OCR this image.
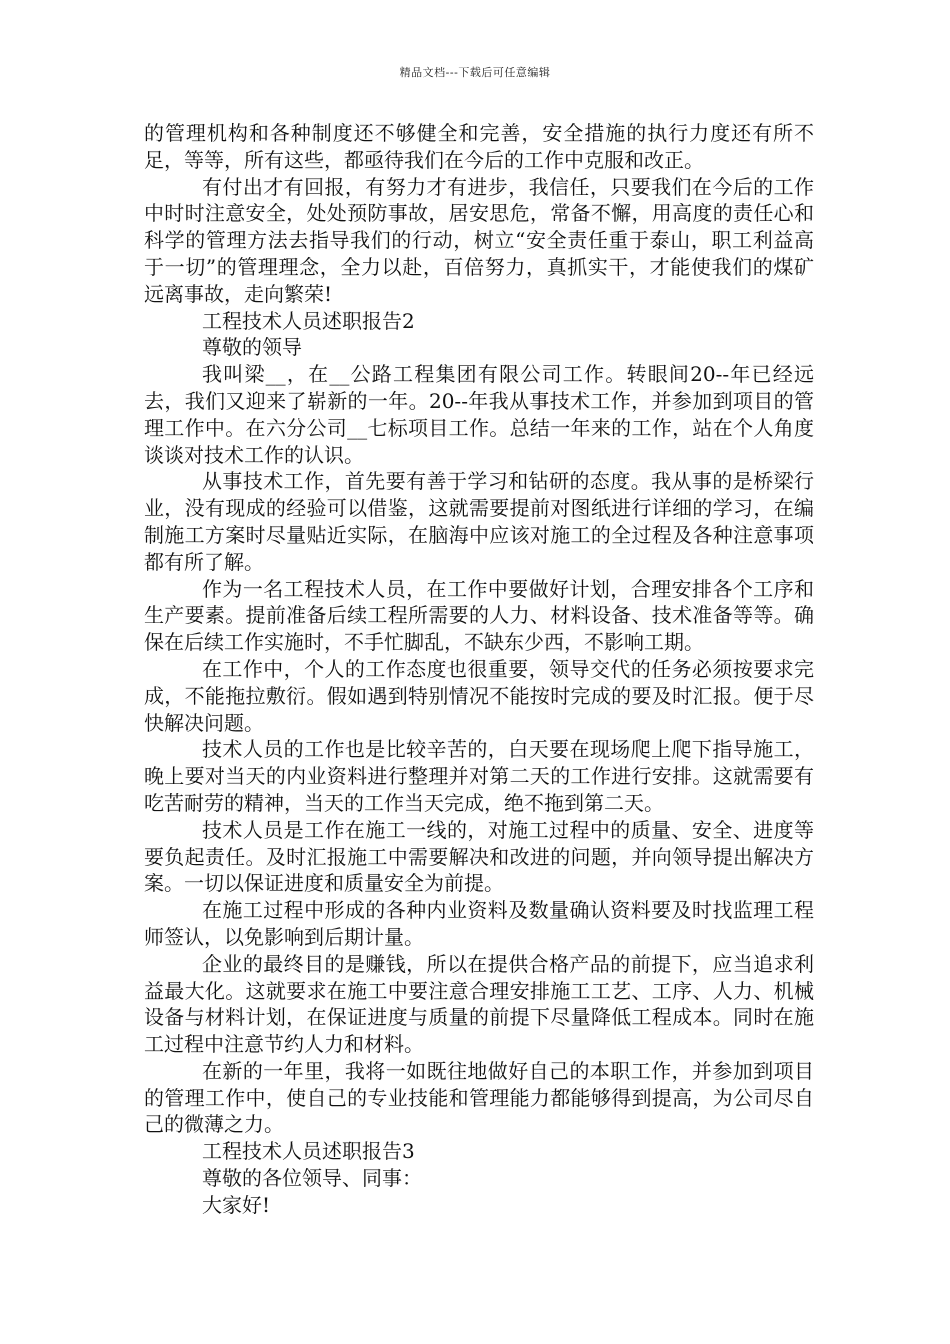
精品文档---下载后可任意编辑

的管理机构和各种制度还不够健全和完善，安全措施的执行力度还有所不足，等等，所有这些，都亟待我们在今后的工作中克服和改正。

有付出才有回报，有努力才有进步，我信任，只要我们在今后的工作中时时注意安全，处处预防事故，居安思危，常备不懈，用高度的责任心和科学的管理方法去指导我们的行动，树立“安全责任重于泰山，职工利益高于一切”的管理理念，全力以赴，百倍努力，真抓实干，才能使我们的煤矿远离事故，走向繁荣!

工程技术人员述职报告2

尊敬的领导

我叫梁__，在__公路工程集团有限公司工作。转眼间20--年已经远去，我们又迎来了崭新的一年。20--年我从事技术工作，并参加到项目的管理工作中。在六分公司__七标项目工作。总结一年来的工作，站在个人角度谈谈对技术工作的认识。

从事技术工作，首先要有善于学习和钻研的态度。我从事的是桥梁行业，没有现成的经验可以借鉴，这就需要提前对图纸进行详细的学习，在编制施工方案时尽量贴近实际，在脑海中应该对施工的全过程及各种注意事项都有所了解。

作为一名工程技术人员，在工作中要做好计划，合理安排各个工序和生产要素。提前准备后续工程所需要的人力、材料设备、技术准备等等。确保在后续工作实施时，不手忙脚乱，不缺东少西，不影响工期。

在工作中，个人的工作态度也很重要，领导交代的任务必须按要求完成，不能拖拉敷衍。假如遇到特别情况不能按时完成的要及时汇报。便于尽快解决问题。

技术人员的工作也是比较辛苦的，白天要在现场爬上爬下指导施工，晚上要对当天的内业资料进行整理并对第二天的工作进行安排。这就需要有吃苦耐劳的精神，当天的工作当天完成，绝不拖到第二天。

技术人员是工作在施工一线的，对施工过程中的质量、安全、进度等要负起责任。及时汇报施工中需要解决和改进的问题，并向领导提出解决方案。一切以保证进度和质量安全为前提。

在施工过程中形成的各种内业资料及数量确认资料要及时找监理工程师签认，以免影响到后期计量。

企业的最终目的是赚钱，所以在提供合格产品的前提下，应当追求利益最大化。这就要求在施工中要注意合理安排施工工艺、工序、人力、机械设备与材料计划，在保证进度与质量的前提下尽量降低工程成本。同时在施工过程中注意节约人力和材料。

在新的一年里，我将一如既往地做好自己的本职工作，并参加到项目的管理工作中，使自己的专业技能和管理能力都能够得到提高，为公司尽自己的微薄之力。

工程技术人员述职报告3

尊敬的各位领导、同事：

大家好!
